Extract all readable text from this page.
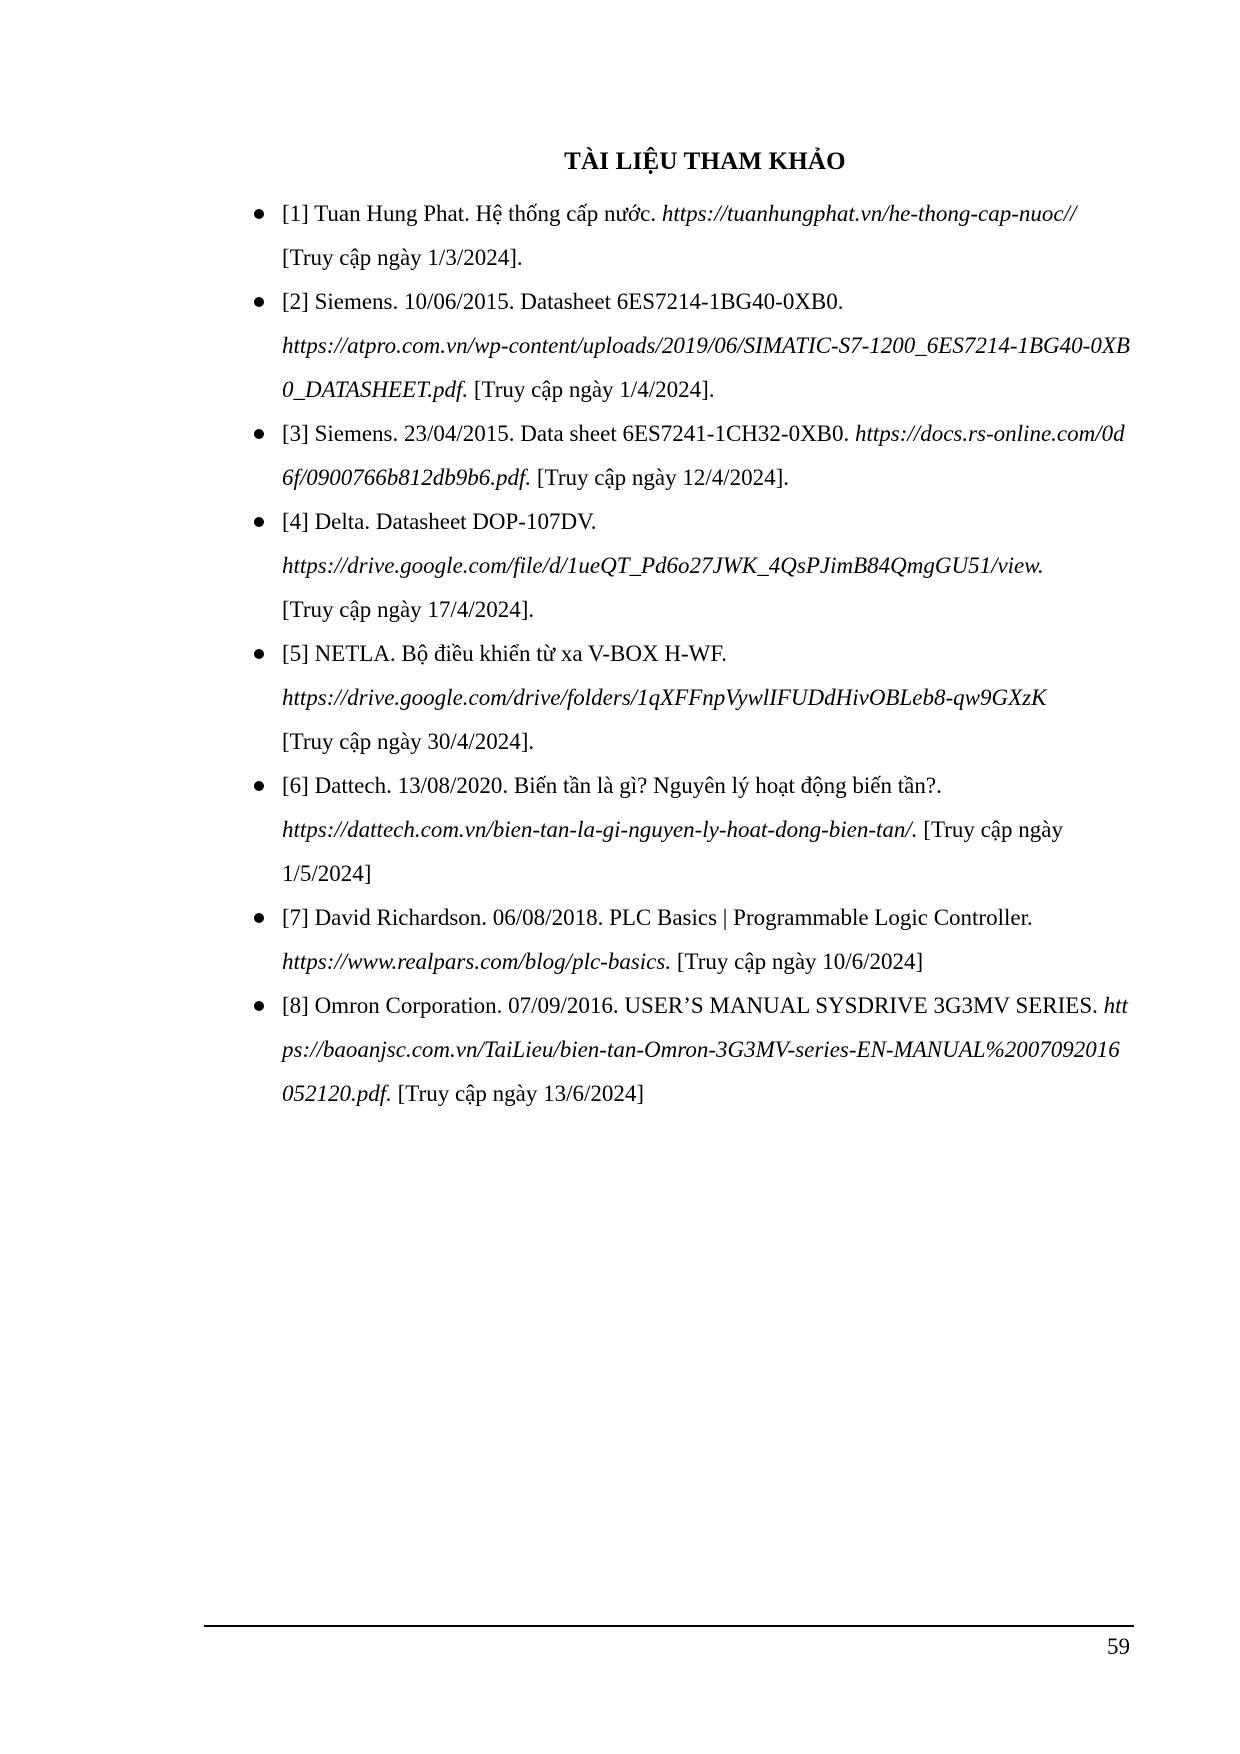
TÀI LIỆU THAM KHẢO
[1] Tuan Hung Phat. Hệ thống cấp nước. https://tuanhungphat.vn/he-thong-cap-nuoc// [Truy cập ngày 1/3/2024].
[2] Siemens. 10/06/2015. Datasheet 6ES7214-1BG40-0XB0.
https://atpro.com.vn/wp-content/uploads/2019/06/SIMATIC-S7-1200_6ES7214-1BG40-0XB0_DATASHEET.pdf. [Truy cập ngày 1/4/2024].
[3] Siemens. 23/04/2015. Data sheet 6ES7241-1CH32-0XB0. https://docs.rs-online.com/0d6f/0900766b812db9b6.pdf. [Truy cập ngày 12/4/2024].
[4] Delta. Datasheet DOP-107DV.
https://drive.google.com/file/d/1ueQT_Pd6o27JWK_4QsPJimB84QmgGU51/view.
[Truy cập ngày 17/4/2024].
[5] NETLA. Bộ điều khiển từ xa V-BOX H-WF.
https://drive.google.com/drive/folders/1qXFFnpVywlIFUDdHivOBLeb8-qw9GXzK
[Truy cập ngày 30/4/2024].
[6] Dattech. 13/08/2020. Biến tần là gì? Nguyên lý hoạt động biến tần?.
https://dattech.com.vn/bien-tan-la-gi-nguyen-ly-hoat-dong-bien-tan/. [Truy cập ngày 1/5/2024]
[7] David Richardson. 06/08/2018. PLC Basics | Programmable Logic Controller.
https://www.realpars.com/blog/plc-basics. [Truy cập ngày 10/6/2024]
[8] Omron Corporation. 07/09/2016. USER’S MANUAL SYSDRIVE 3G3MV SERIES. https://baoanjsc.com.vn/TaiLieu/bien-tan-Omron-3G3MV-series-EN-MANUAL%2007092016052120.pdf. [Truy cập ngày 13/6/2024]
59
